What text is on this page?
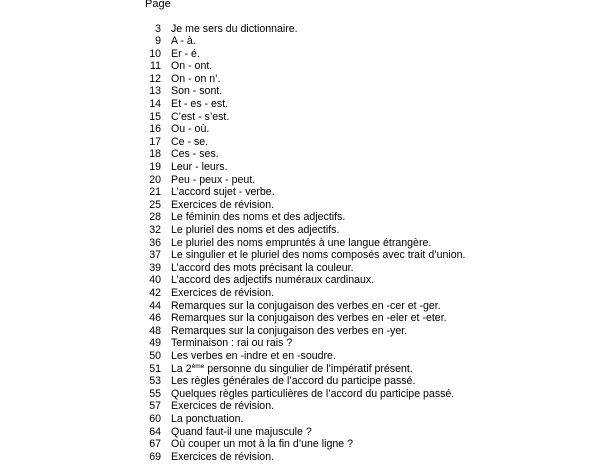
Page
3 Je me sers du dictionnaire.
9 A - à.
10 Er - é.
11 On - ont.
12 On - on n’.
13 Son - sont.
14 Et - es - est.
15 C’est - s’est.
16 Ou - où.
17 Ce - se.
18 Ces - ses.
19 Leur - leurs.
20 Peu - peux - peut.
21 L’accord sujet - verbe.
25 Exercices de révision.
28 Le féminin des noms et des adjectifs.
32 Le pluriel des noms et des adjectifs.
36 Le pluriel des noms empruntés à une langue étrangère.
37 Le singulier et le pluriel des noms composés avec trait d’union.
39 L’accord des mots précisant la couleur.
40 L’accord des adjectifs numéraux cardinaux.
42 Exercices de révision.
44 Remarques sur la conjugaison des verbes en -cer et -ger.
46 Remarques sur la conjugaison des verbes en -eler et -eter.
48 Remarques sur la conjugaison des verbes en -yer.
49 Terminaison : rai ou rais ?
50 Les verbes en -indre et en -soudre.
51 La 2ème personne du singulier de l’impératif présent.
53 Les règles générales de l’accord du participe passé.
55 Quelques règles particulières de l’accord du participe passé.
57 Exercices de révision.
60 La ponctuation.
64 Quand faut-il une majuscule ?
67 Où couper un mot à la fin d’une ligne ?
69 Exercices de révision.
